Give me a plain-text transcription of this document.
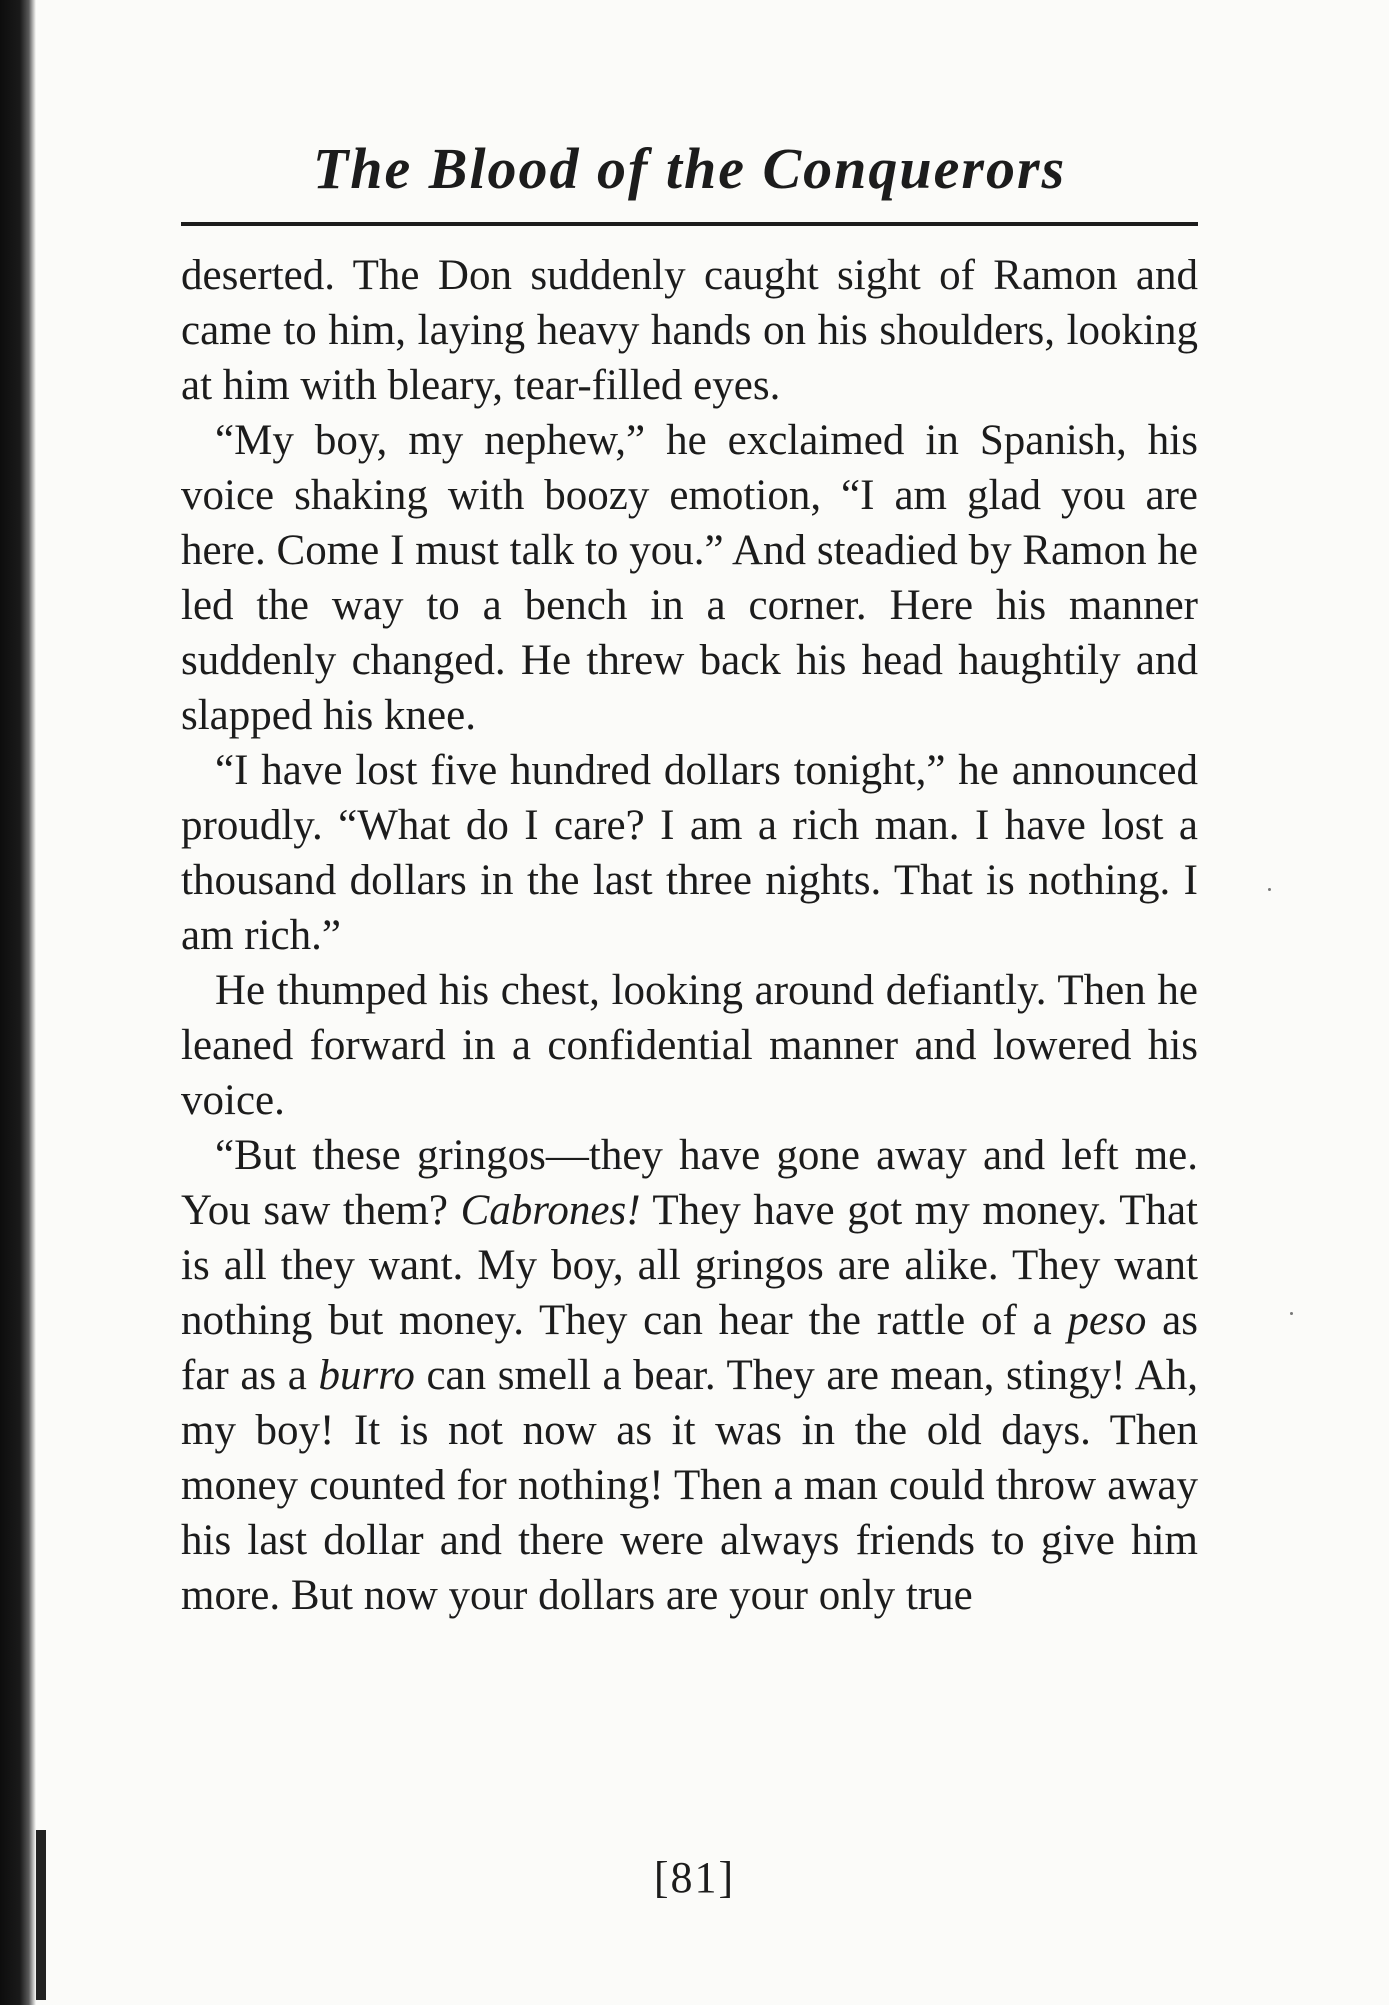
The Blood of the Conquerors

deserted. The Don suddenly caught sight of Ramon and came to him, laying heavy hands on his shoulders, looking at him with bleary, tear-filled eyes.

“My boy, my nephew,” he exclaimed in Spanish, his voice shaking with boozy emotion, “I am glad you are here. Come I must talk to you.” And steadied by Ramon he led the way to a bench in a corner. Here his manner suddenly changed. He threw back his head haughtily and slapped his knee.

“I have lost five hundred dollars tonight,” he announced proudly. “What do I care? I am a rich man. I have lost a thousand dollars in the last three nights. That is nothing. I am rich.”

He thumped his chest, looking around defiantly. Then he leaned forward in a confidential manner and lowered his voice.

“But these gringos—they have gone away and left me. You saw them? Cabrones! They have got my money. That is all they want. My boy, all gringos are alike. They want nothing but money. They can hear the rattle of a peso as far as a burro can smell a bear. They are mean, stingy! Ah, my boy! It is not now as it was in the old days. Then money counted for nothing! Then a man could throw away his last dollar and there were always friends to give him more. But now your dollars are your only true

[81]
